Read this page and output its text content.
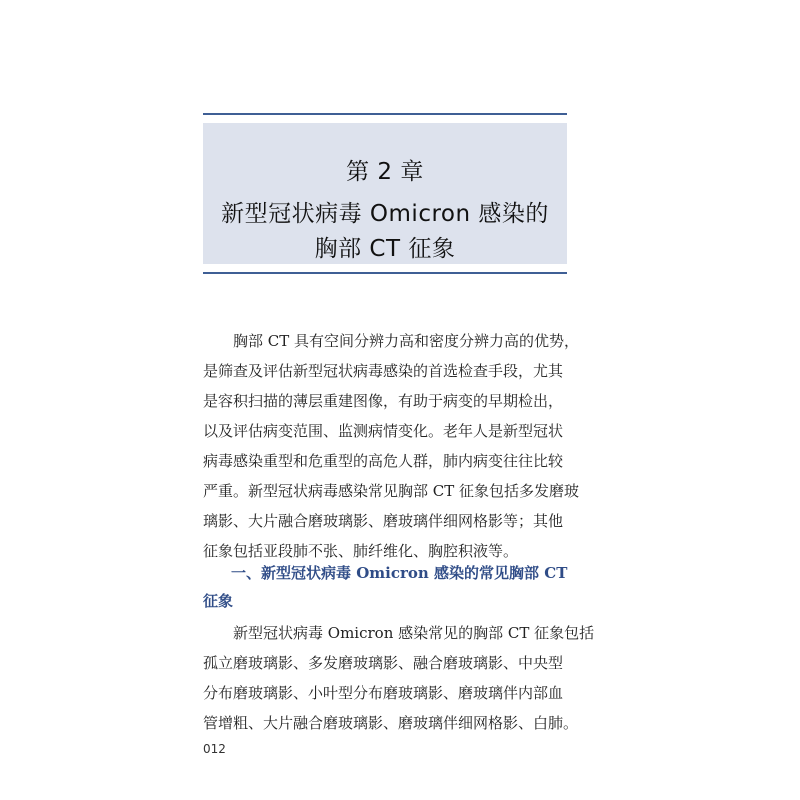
第 2 章
新型冠状病毒 Omicron 感染的
胸部 CT 征象
胸部 CT 具有空间分辨力高和密度分辨力高的优势，
是筛查及评估新型冠状病毒感染的首选检查手段，尤其
是容积扫描的薄层重建图像，有助于病变的早期检出，
以及评估病变范围、监测病情变化。老年人是新型冠状
病毒感染重型和危重型的高危人群，肺内病变往往比较
严重。新型冠状病毒感染常见胸部 CT 征象包括多发磨玻
璃影、大片融合磨玻璃影、磨玻璃伴细网格影等；其他
征象包括亚段肺不张、肺纤维化、胸腔积液等。
一、新型冠状病毒 Omicron 感染的常见胸部 CT
征象
新型冠状病毒 Omicron 感染常见的胸部 CT 征象包括
孤立磨玻璃影、多发磨玻璃影、融合磨玻璃影、中央型
分布磨玻璃影、小叶型分布磨玻璃影、磨玻璃伴内部血
管增粗、大片融合磨玻璃影、磨玻璃伴细网格影、白肺。
012
